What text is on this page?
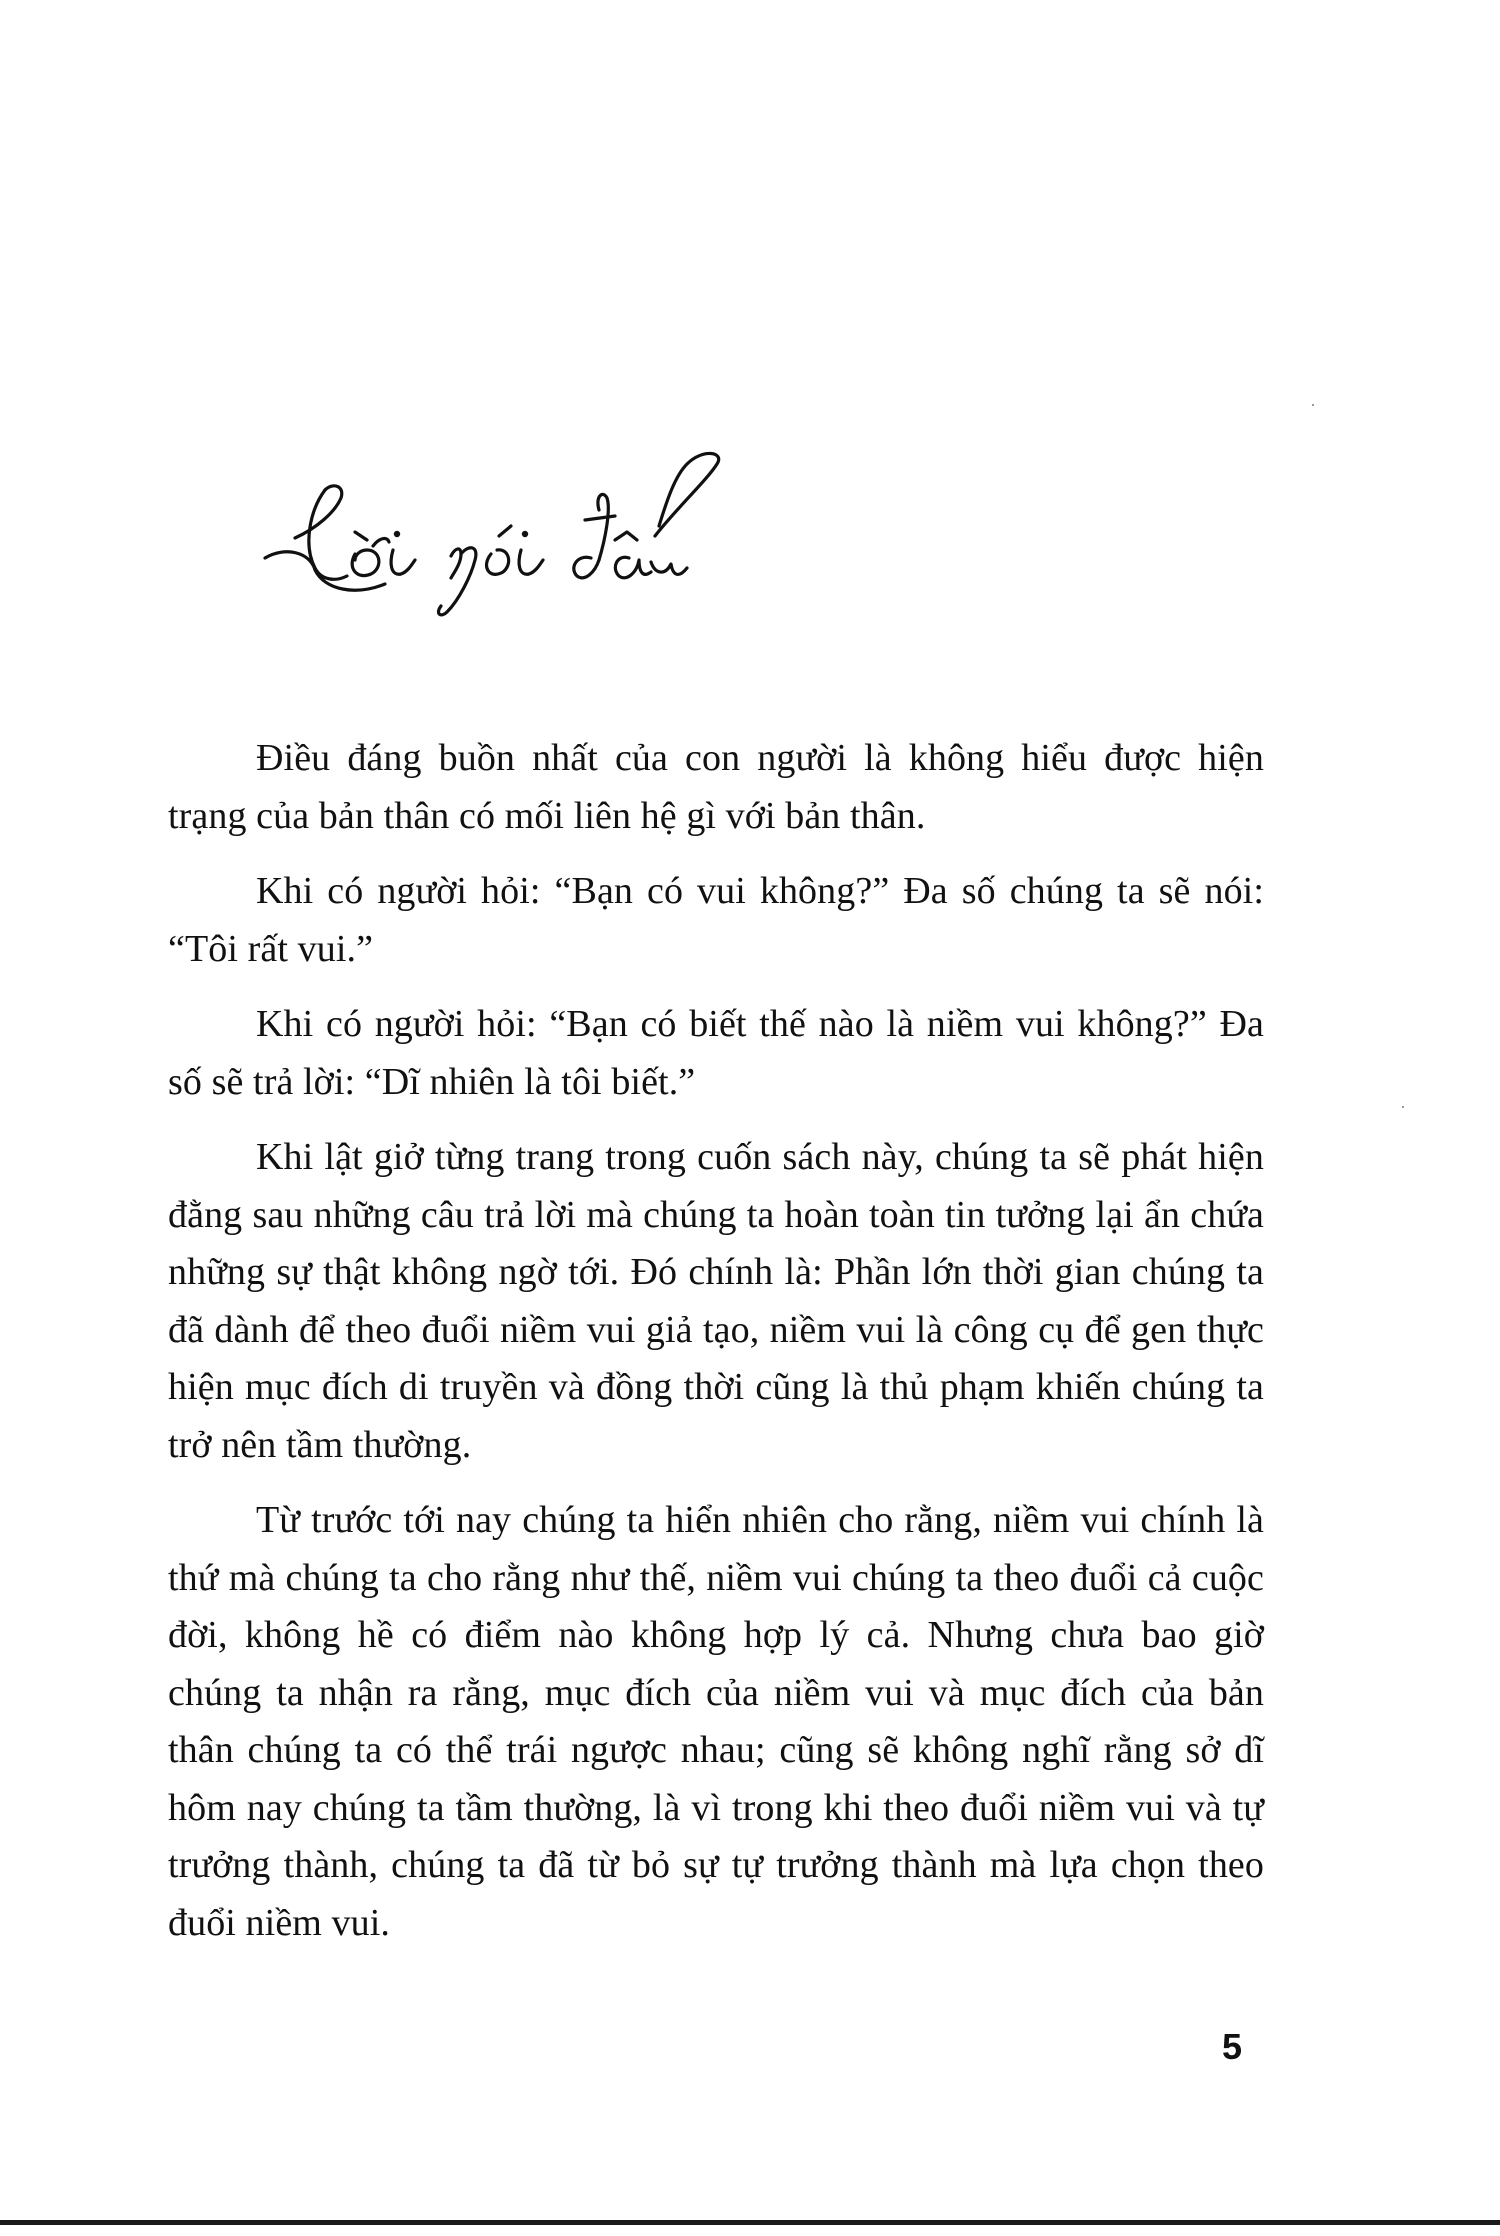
Điều đáng buồn nhất của con người là không hiểu được hiện trạng của bản thân có mối liên hệ gì với bản thân.

Khi có người hỏi: “Bạn có vui không?” Đa số chúng ta sẽ nói: “Tôi rất vui.”

Khi có người hỏi: “Bạn có biết thế nào là niềm vui không?” Đa số sẽ trả lời: “Dĩ nhiên là tôi biết.”

Khi lật giở từng trang trong cuốn sách này, chúng ta sẽ phát hiện đằng sau những câu trả lời mà chúng ta hoàn toàn tin tưởng lại ẩn chứa những sự thật không ngờ tới. Đó chính là: Phần lớn thời gian chúng ta đã dành để theo đuổi niềm vui giả tạo, niềm vui là công cụ để gen thực hiện mục đích di truyền và đồng thời cũng là thủ phạm khiến chúng ta trở nên tầm thường.

Từ trước tới nay chúng ta hiển nhiên cho rằng, niềm vui chính là thứ mà chúng ta cho rằng như thế, niềm vui chúng ta theo đuổi cả cuộc đời, không hề có điểm nào không hợp lý cả. Nhưng chưa bao giờ chúng ta nhận ra rằng, mục đích của niềm vui và mục đích của bản thân chúng ta có thể trái ngược nhau; cũng sẽ không nghĩ rằng sở dĩ hôm nay chúng ta tầm thường, là vì trong khi theo đuổi niềm vui và tự trưởng thành, chúng ta đã từ bỏ sự tự trưởng thành mà lựa chọn theo đuổi niềm vui.

5
